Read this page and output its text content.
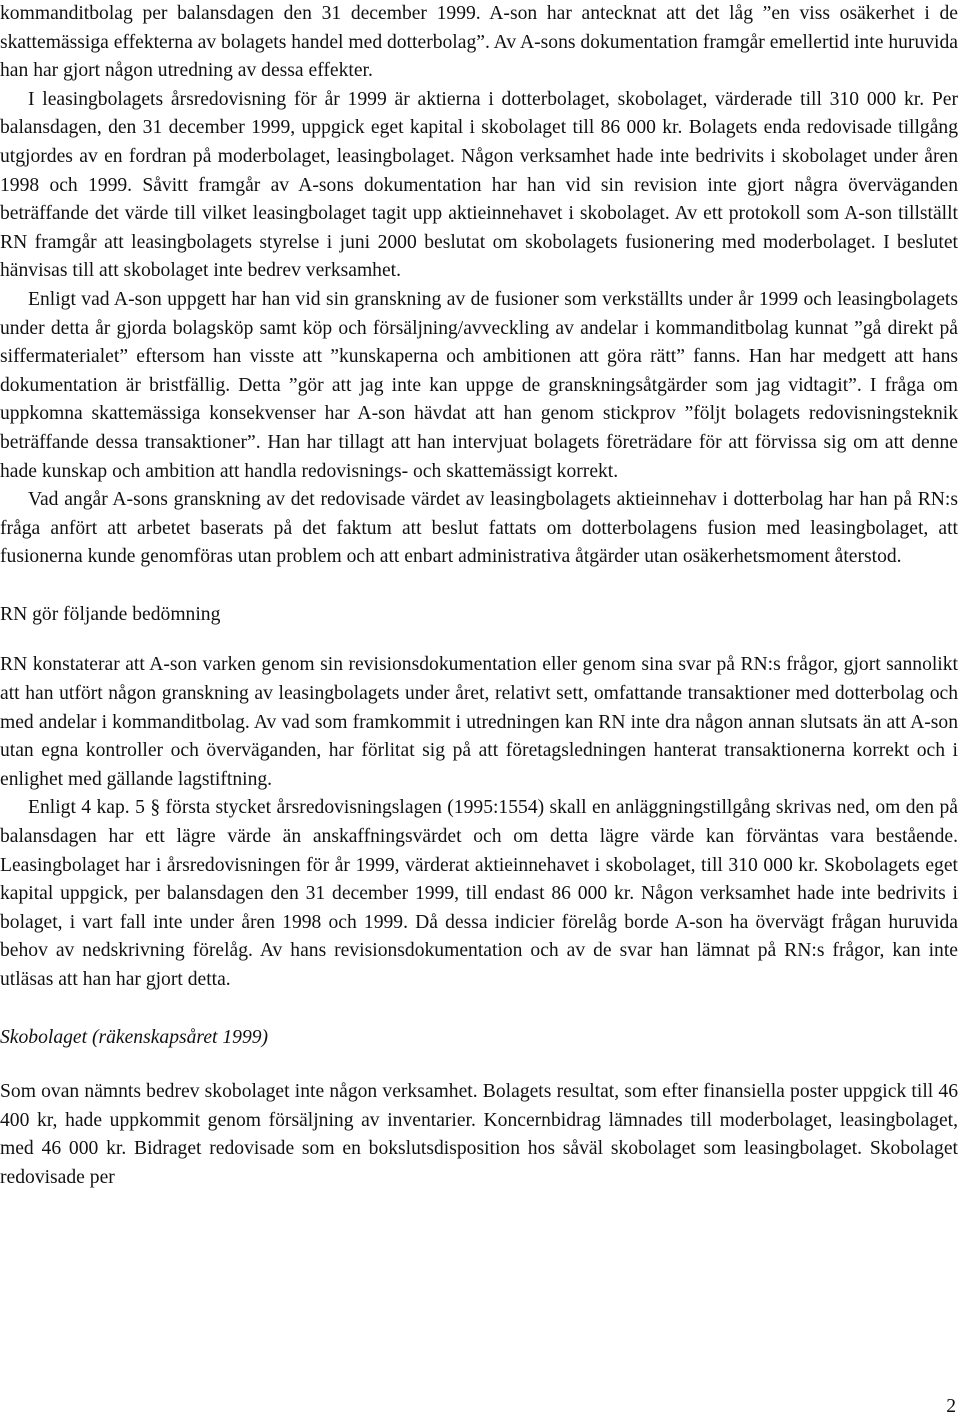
kommanditbolag per balansdagen den 31 december 1999. A-son har antecknat att det låg ”en viss osäkerhet i de skattemässiga effekterna av bolagets handel med dotterbolag”. Av A-sons dokumentation framgår emellertid inte huruvida han har gjort någon utredning av dessa effekter.

I leasingbolagets årsredovisning för år 1999 är aktierna i dotterbolaget, skobolaget, värderade till 310 000 kr. Per balansdagen, den 31 december 1999, uppgick eget kapital i skobolaget till 86 000 kr. Bolagets enda redovisade tillgång utgjordes av en fordran på moderbolaget, leasingbolaget. Någon verksamhet hade inte bedrivits i skobolaget under åren 1998 och 1999. Såvitt framgår av A-sons dokumentation har han vid sin revision inte gjort några överväganden beträffande det värde till vilket leasingbolaget tagit upp aktieinnehavet i skobolaget. Av ett protokoll som A-son tillställt RN framgår att leasingbolagets styrelse i juni 2000 beslutat om skobolagets fusionering med moderbolaget. I beslutet hänvisas till att skobolaget inte bedrev verksamhet.

Enligt vad A-son uppgett har han vid sin granskning av de fusioner som verkställts under år 1999 och leasingbolagets under detta år gjorda bolagsköp samt köp och försäljning/avveckling av andelar i kommanditbolag kunnat ”gå direkt på siffermaterialet” eftersom han visste att ”kunskaperna och ambitionen att göra rätt” fanns. Han har medgett att hans dokumentation är bristfällig. Detta ”gör att jag inte kan uppge de granskningsåtgärder som jag vidtagit”. I fråga om uppkomna skattemässiga konsekvenser har A-son hävdat att han genom stickprov ”följt bolagets redovisningsteknik beträffande dessa transaktioner”. Han har tillagt att han intervjuat bolagets företrädare för att förvissa sig om att denne hade kunskap och ambition att handla redovisnings- och skattemässigt korrekt.

Vad angår A-sons granskning av det redovisade värdet av leasingbolagets aktieinnehav i dotterbolag har han på RN:s fråga anfört att arbetet baserats på det faktum att beslut fattats om dotterbolagens fusion med leasingbolaget, att fusionerna kunde genomföras utan problem och att enbart administrativa åtgärder utan osäkerhetsmoment återstod.

RN gör följande bedömning

RN konstaterar att A-son varken genom sin revisionsdokumentation eller genom sina svar på RN:s frågor, gjort sannolikt att han utfört någon granskning av leasingbolagets under året, relativt sett, omfattande transaktioner med dotterbolag och med andelar i kommanditbolag. Av vad som framkommit i utredningen kan RN inte dra någon annan slutsats än att A-son utan egna kontroller och överväganden, har förlitat sig på att företagsledningen hanterat transaktionerna korrekt och i enlighet med gällande lagstiftning.

Enligt 4 kap. 5 § första stycket årsredovisningslagen (1995:1554) skall en anläggningstillgång skrivas ned, om den på balansdagen har ett lägre värde än anskaffningsvärdet och om detta lägre värde kan förväntas vara bestående. Leasingbolaget har i årsredovisningen för år 1999, värderat aktieinnehavet i skobolaget, till 310 000 kr. Skobolagets eget kapital uppgick, per balansdagen den 31 december 1999, till endast 86 000 kr. Någon verksamhet hade inte bedrivits i bolaget, i vart fall inte under åren 1998 och 1999. Då dessa indicier förelåg borde A-son ha övervägt frågan huruvida behov av nedskrivning förelåg. Av hans revisionsdokumentation och av de svar han lämnat på RN:s frågor, kan inte utläsas att han har gjort detta.

Skobolaget (räkenskapsåret 1999)

Som ovan nämnts bedrev skobolaget inte någon verksamhet. Bolagets resultat, som efter finansiella poster uppgick till 46 400 kr, hade uppkommit genom försäljning av inventarier. Koncernbidrag lämnades till moderbolaget, leasingbolaget, med 46 000 kr. Bidraget redovisade som en bokslutsdisposition hos såväl skobolaget som leasingbolaget. Skobolaget redovisade per

2
